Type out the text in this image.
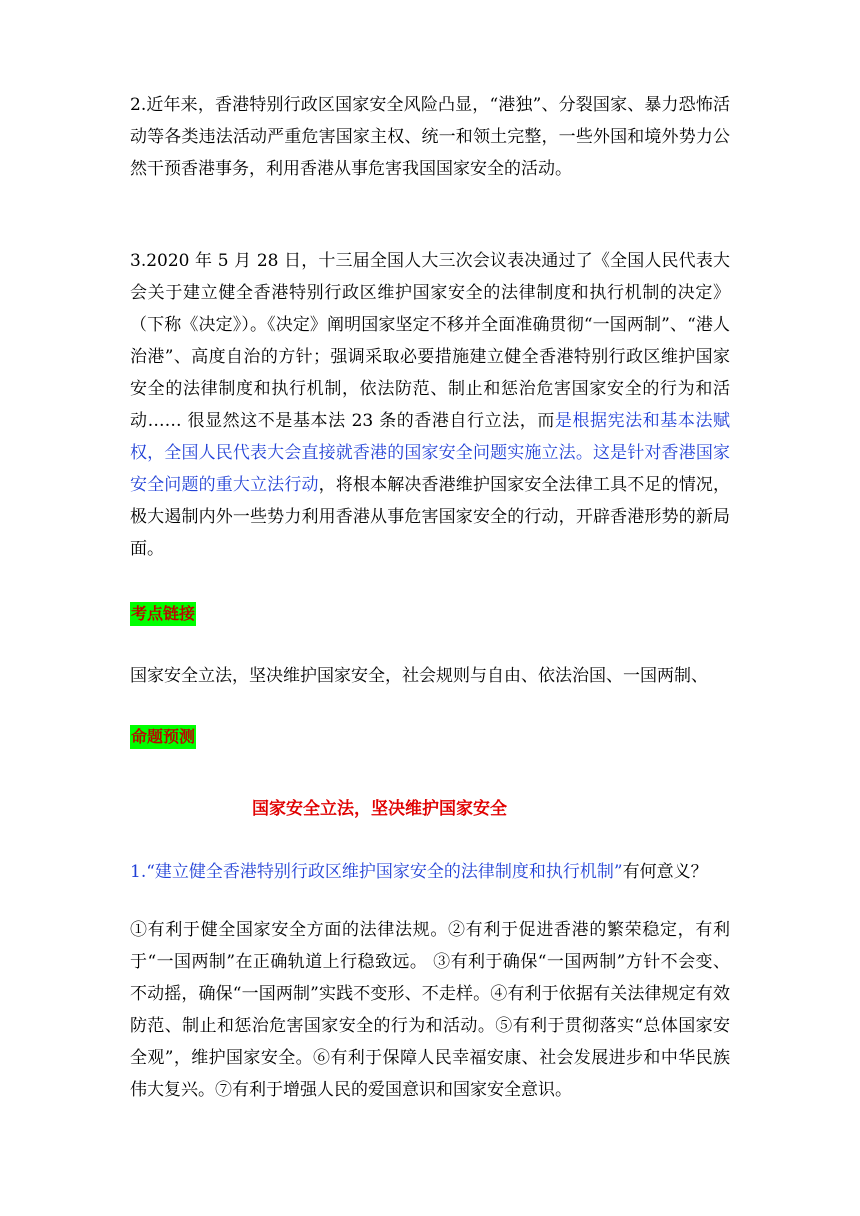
2.近年来，香港特别行政区国家安全风险凸显，“港独”、分裂国家、暴力恐怖活动等各类违法活动严重危害国家主权、统一和领土完整，一些外国和境外势力公然干预香港事务，利用香港从事危害我国国家安全的活动。

3.2020 年 5 月 28 日，十三届全国人大三次会议表决通过了《全国人民代表大会关于建立健全香港特别行政区维护国家安全的法律制度和执行机制的决定》（下称《决定》）。《决定》阐明国家坚定不移并全面准确贯彻“一国两制”、“港人治港”、高度自治的方针；强调采取必要措施建立健全香港特别行政区维护国家安全的法律制度和执行机制，依法防范、制止和惩治危害国家安全的行为和活动…… 很显然这不是基本法 23 条的香港自行立法，而是根据宪法和基本法赋权，全国人民代表大会直接就香港的国家安全问题实施立法。这是针对香港国家安全问题的重大立法行动，将根本解决香港维护国家安全法律工具不足的情况，极大遏制内外一些势力利用香港从事危害国家安全的行动，开辟香港形势的新局面。

考点链接

国家安全立法，坚决维护国家安全，社会规则与自由、依法治国、一国两制、

命题预测
国家安全立法，坚决维护国家安全

1.“建立健全香港特别行政区维护国家安全的法律制度和执行机制”有何意义？

①有利于健全国家安全方面的法律法规。②有利于促进香港的繁荣稳定，有利于“一国两制”在正确轨道上行稳致远。 ③有利于确保“一国两制”方针不会变、不动摇，确保“一国两制”实践不变形、不走样。④有利于依据有关法律规定有效防范、制止和惩治危害国家安全的行为和活动。⑤有利于贯彻落实“总体国家安全观”，维护国家安全。⑥有利于保障人民幸福安康、社会发展进步和中华民族伟大复兴。⑦有利于增强人民的爱国意识和国家安全意识。
